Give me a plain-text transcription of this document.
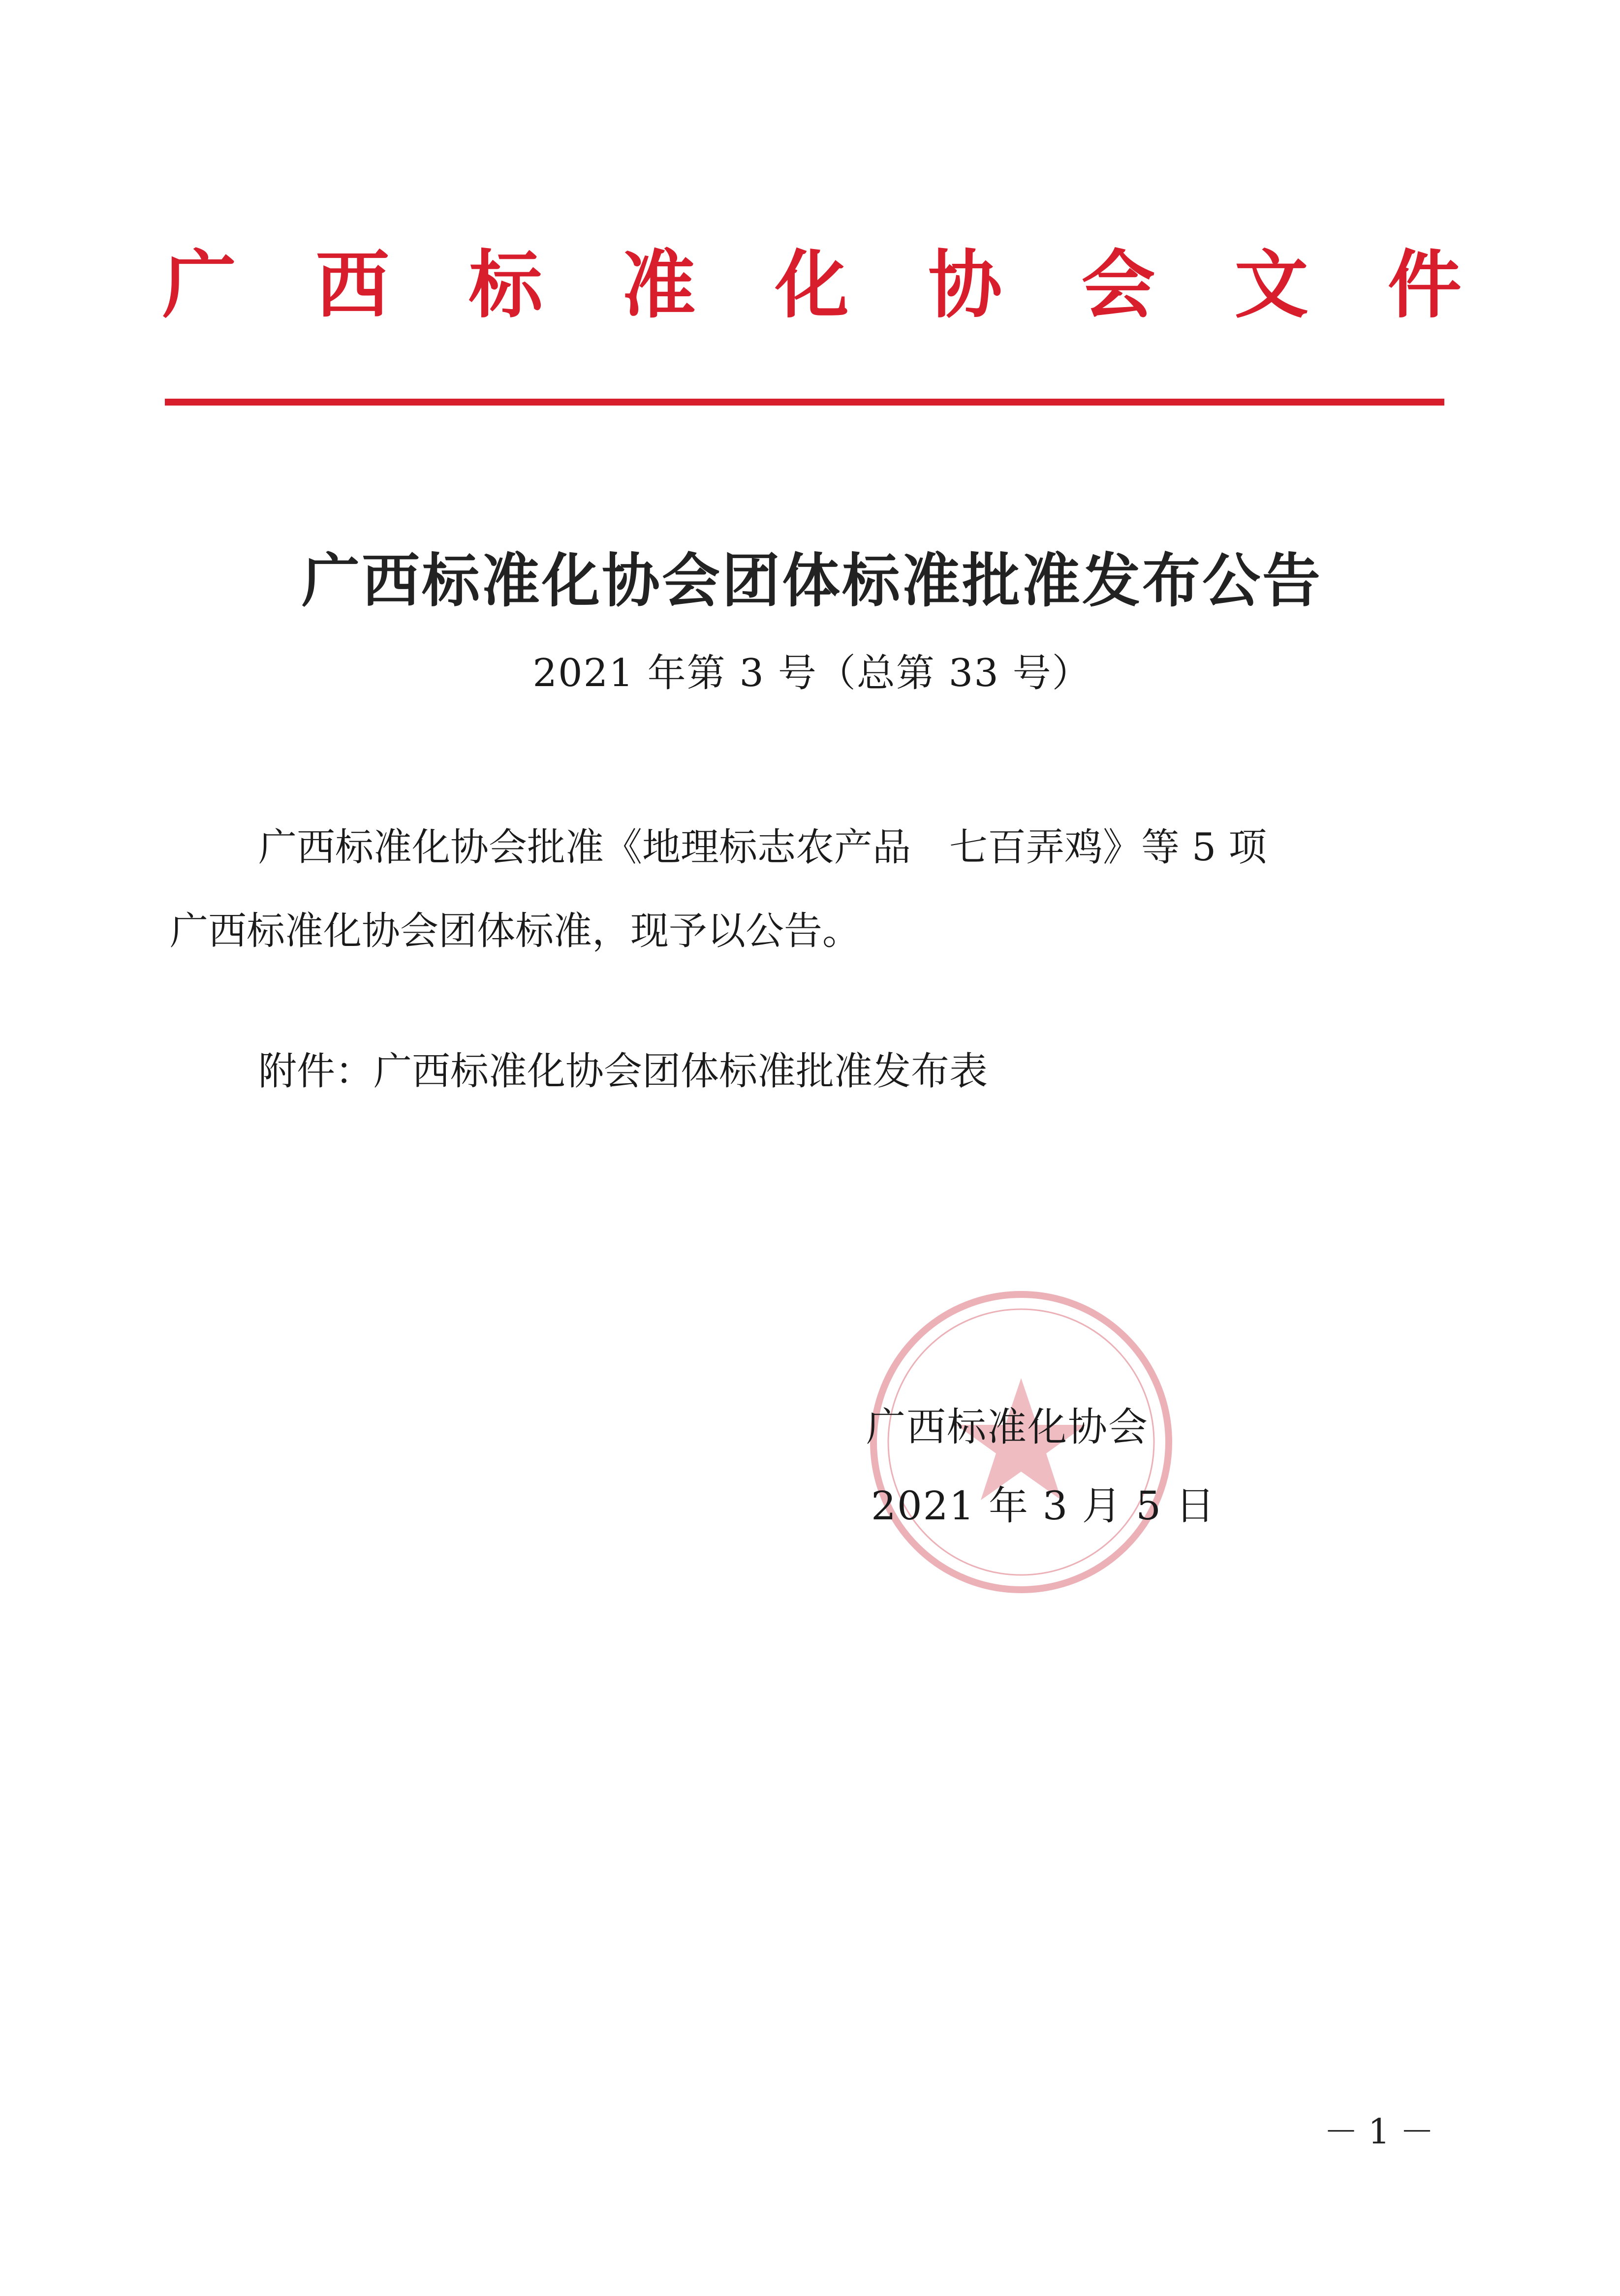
广 西 标 准 化 协 会 文 件
广西标准化协会团体标准批准发布公告
2021 年第 3 号（总第 33 号）
广西标准化协会批准《地理标志农产品　七百弄鸡》等 5 项
广西标准化协会团体标准，现予以公告。
附件：广西标准化协会团体标准批准发布表
广西标准化协会
2021 年 3 月 5 日
－1－
